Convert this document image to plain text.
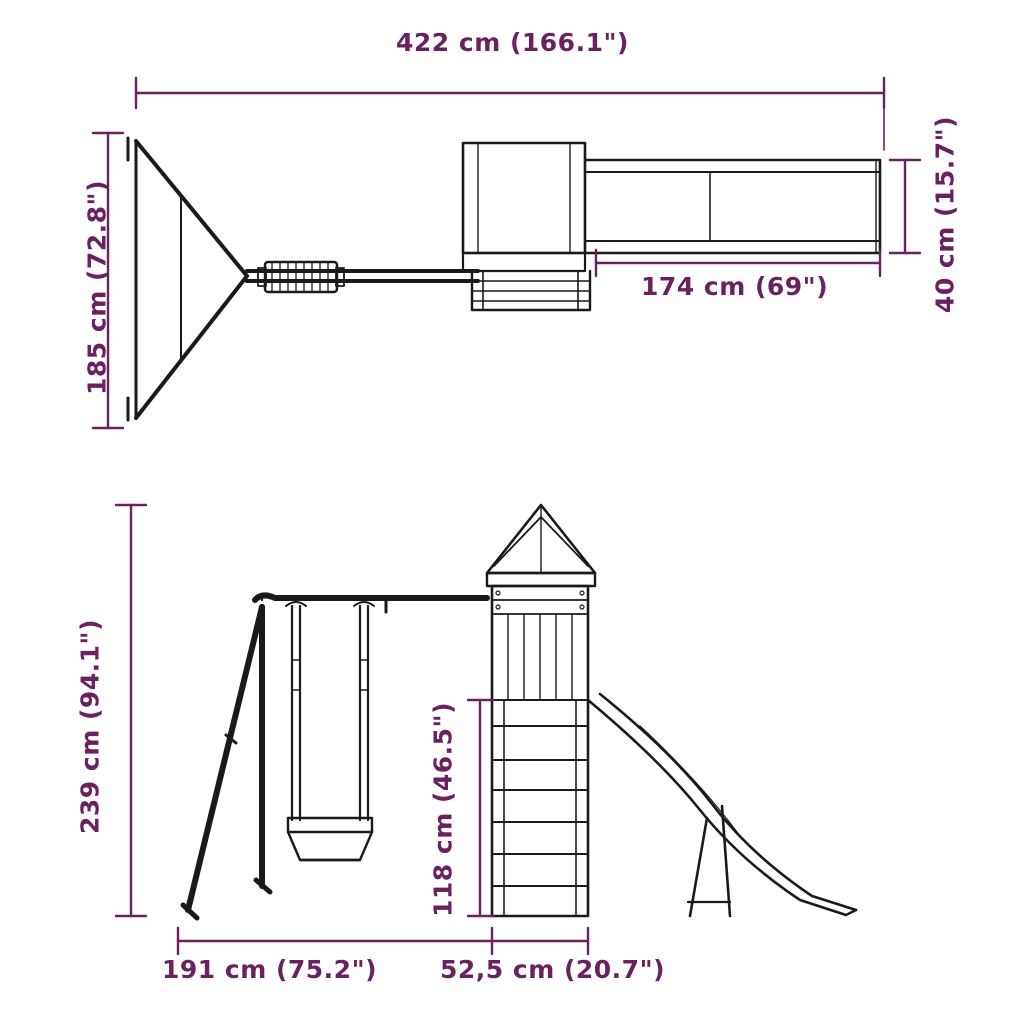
422 cm (166.1")
185 cm (72.8")	40 cm (15.7")
174 cm (69")
239 cm (94.1")	118 cm (46.5")
191 cm (75.2")	52,5 cm (20.7")
